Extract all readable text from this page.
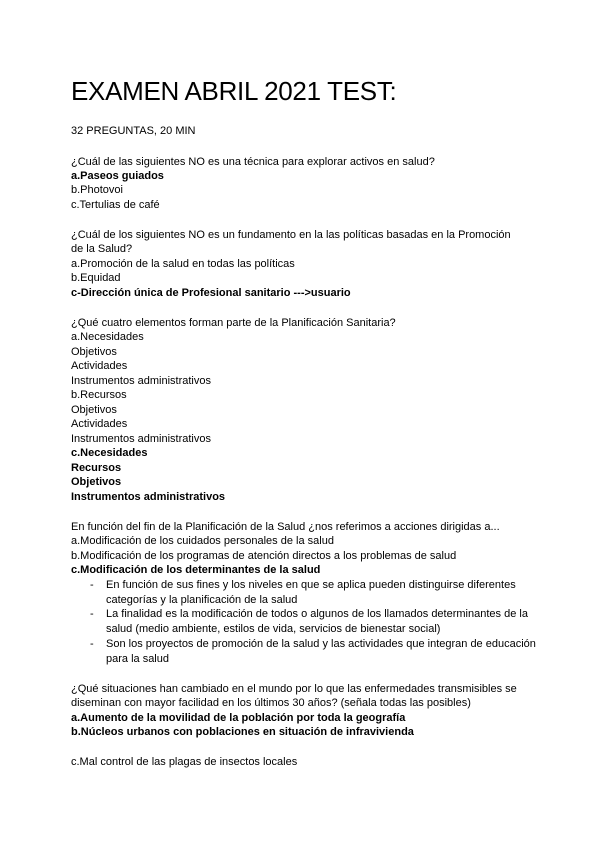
EXAMEN ABRIL 2021 TEST:
32 PREGUNTAS, 20 MIN
¿Cuál de las siguientes NO es una técnica para explorar activos en salud?
a.Paseos guiados
b.Photovoi
c.Tertulias de café
¿Cuál de los siguientes NO es un fundamento en la las políticas basadas en la Promoción
de la Salud?
a.Promoción de la salud en todas las políticas
b.Equidad
c-Dirección única de Profesional sanitario --->usuario
¿Qué cuatro elementos forman parte de la Planificación Sanitaria?
a.Necesidades
Objetivos
Actividades
Instrumentos administrativos
b.Recursos
Objetivos
Actividades
Instrumentos administrativos
c.Necesidades
Recursos
Objetivos
Instrumentos administrativos
En función del fin de la Planificación de la Salud ¿nos referimos a acciones dirigidas a...
a.Modificación de los cuidados personales de la salud
b.Modificación de los programas de atención directos a los problemas de salud
c.Modificación de los determinantes de la salud
- En función de sus fines y los niveles en que se aplica pueden distinguirse diferentes categorías y la planificación de la salud
- La finalidad es la modificación de todos o algunos de los llamados determinantes de la salud (medio ambiente, estilos de vida, servicios de bienestar social)
- Son los proyectos de promoción de la salud y las actividades que integran de educación para la salud
¿Qué situaciones han cambiado en el mundo por lo que las enfermedades transmisibles se
diseminan con mayor facilidad en los últimos 30 años? (señala todas las posibles)
a.Aumento de la movilidad de la población por toda la geografía
b.Núcleos urbanos con poblaciones en situación de infravivienda
c.Mal control de las plagas de insectos locales
